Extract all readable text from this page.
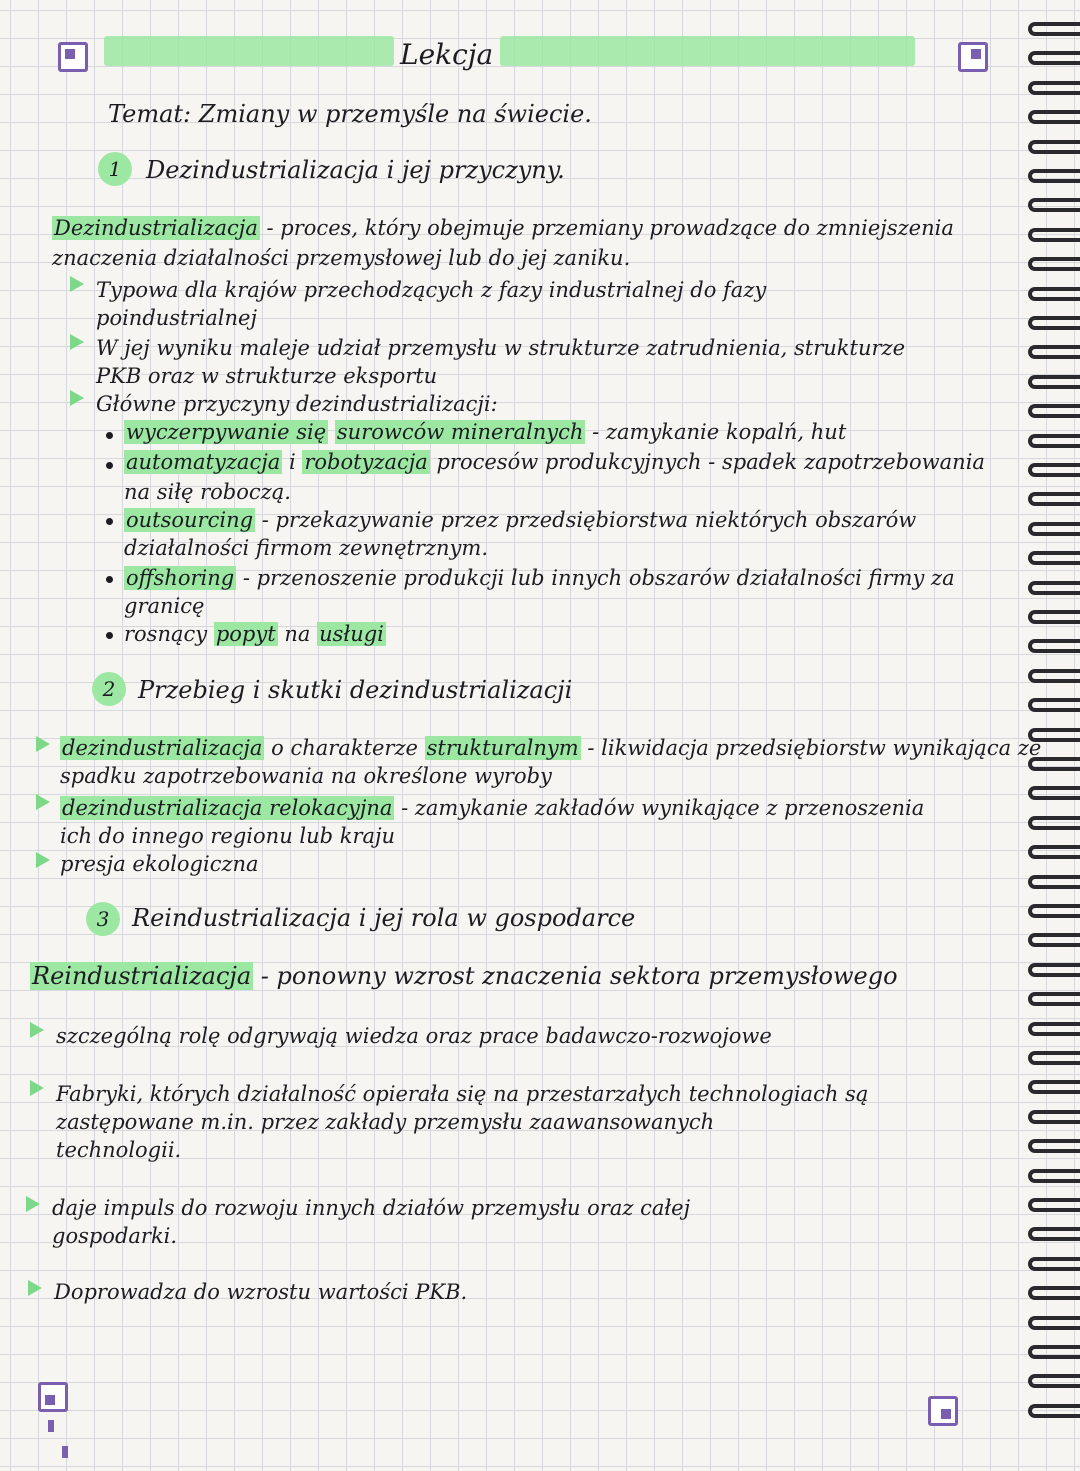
Lekcja
Temat: Zmiany w przemyśle na świecie.
1	Dezindustrializacja i jej przyczyny.
Dezindustrializacja - proces, który obejmuje przemiany prowadzące do zmniejszenia
znaczenia działalności przemysłowej lub do jej zaniku.
Typowa dla krajów przechodzących z fazy industrialnej do fazy
poindustrialnej
W jej wyniku maleje udział przemysłu w strukturze zatrudnienia, strukturze
PKB oraz w strukturze eksportu
Główne przyczyny dezindustrializacji:
wyczerpywanie się surowców mineralnych - zamykanie kopalń, hut
automatyzacja i robotyzacja procesów produkcyjnych - spadek zapotrzebowania
na siłę roboczą.
outsourcing - przekazywanie przez przedsiębiorstwa niektórych obszarów
działalności firmom zewnętrznym.
offshoring - przenoszenie produkcji lub innych obszarów działalności firmy za
granicę
rosnący popyt na usługi
2 Przebieg i skutki dezindustrializacji
dezindustrializacja o charakterze strukturalnym - likwidacja przedsiębiorstw wynikająca ze
spadku zapotrzebowania na określone wyroby
dezindustrializacja relokacyjna - zamykanie zakładów wynikające z przenoszenia
ich do innego regionu lub kraju
presja ekologiczna
3 Reindustrializacja i jej rola w gospodarce
Reindustrializacja - ponowny wzrost znaczenia sektora przemysłowego
szczególną rolę odgrywają wiedza oraz prace badawczo-rozwojowe
Fabryki, których działalność opierała się na przestarzałych technologiach są
zastępowane m.in. przez zakłady przemysłu zaawansowanych
technologii.
daje impuls do rozwoju innych działów przemysłu oraz całej
gospodarki.
Doprowadza do wzrostu wartości PKB.
